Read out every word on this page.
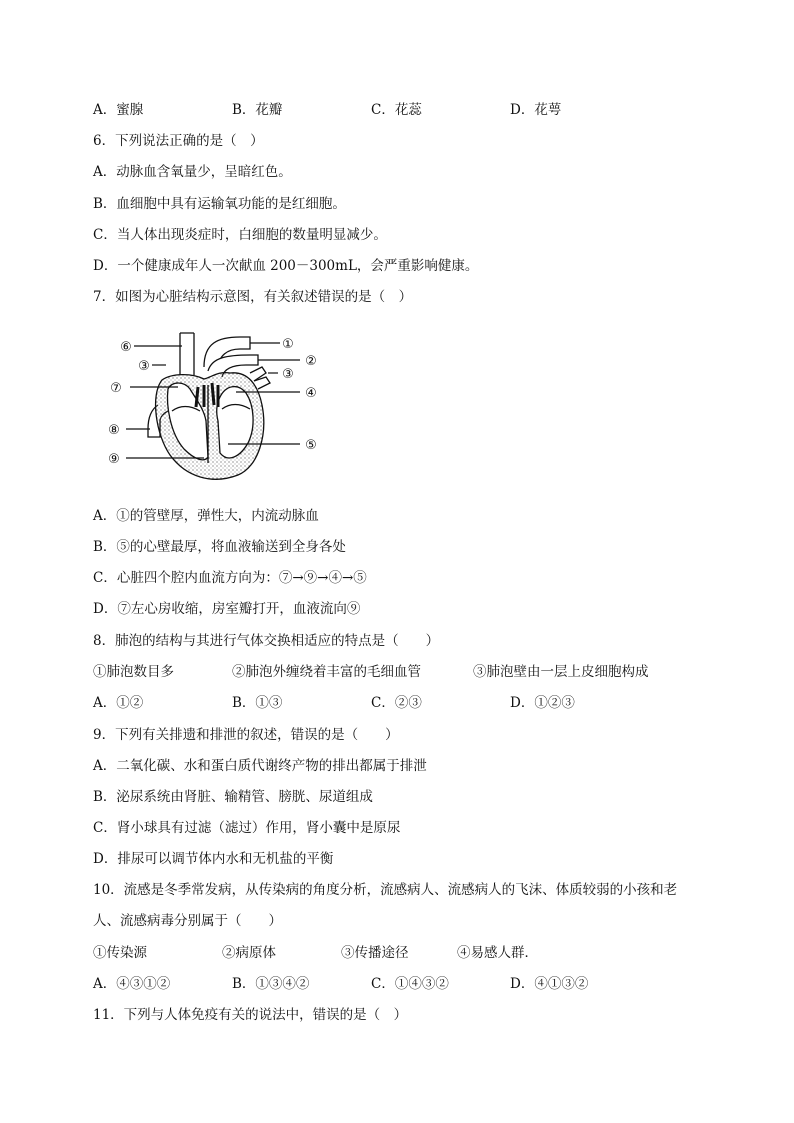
A．蜜腺	B．花瓣	C．花蕊	D．花萼
6．下列说法正确的是（　）
A．动脉血含氧量少，呈暗红色。
B．血细胞中具有运输氧功能的是红细胞。
C．当人体出现炎症时，白细胞的数量明显减少。
D．一个健康成年人一次献血 200－300mL，会严重影响健康。
7．如图为心脏结构示意图，有关叙述错误的是（　）
①
②
③
③
④
⑤
⑥
⑦
⑧
⑨
A．①的管壁厚，弹性大，内流动脉血
B．⑤的心壁最厚，将血液输送到全身各处
C．心脏四个腔内血流方向为：⑦→⑨→④→⑤
D．⑦左心房收缩，房室瓣打开，血液流向⑨
8．肺泡的结构与其进行气体交换相适应的特点是（　　）
①肺泡数目多	②肺泡外缠绕着丰富的毛细血管	③肺泡壁由一层上皮细胞构成
A．①②	B．①③	C．②③	D．①②③
9．下列有关排遗和排泄的叙述，错误的是（　　）
A．二氧化碳、水和蛋白质代谢终产物的排出都属于排泄
B．泌尿系统由肾脏、输精管、膀胱、尿道组成
C．肾小球具有过滤（滤过）作用，肾小囊中是原尿
D．排尿可以调节体内水和无机盐的平衡
10．流感是冬季常发病，从传染病的角度分析，流感病人、流感病人的飞沫、体质较弱的小孩和老
人、流感病毒分别属于（　　）
①传染源	②病原体	③传播途径	④易感人群．
A．④③①②	B．①③④②	C．①④③②	D．④①③②
11．下列与人体免疫有关的说法中，错误的是（　）
